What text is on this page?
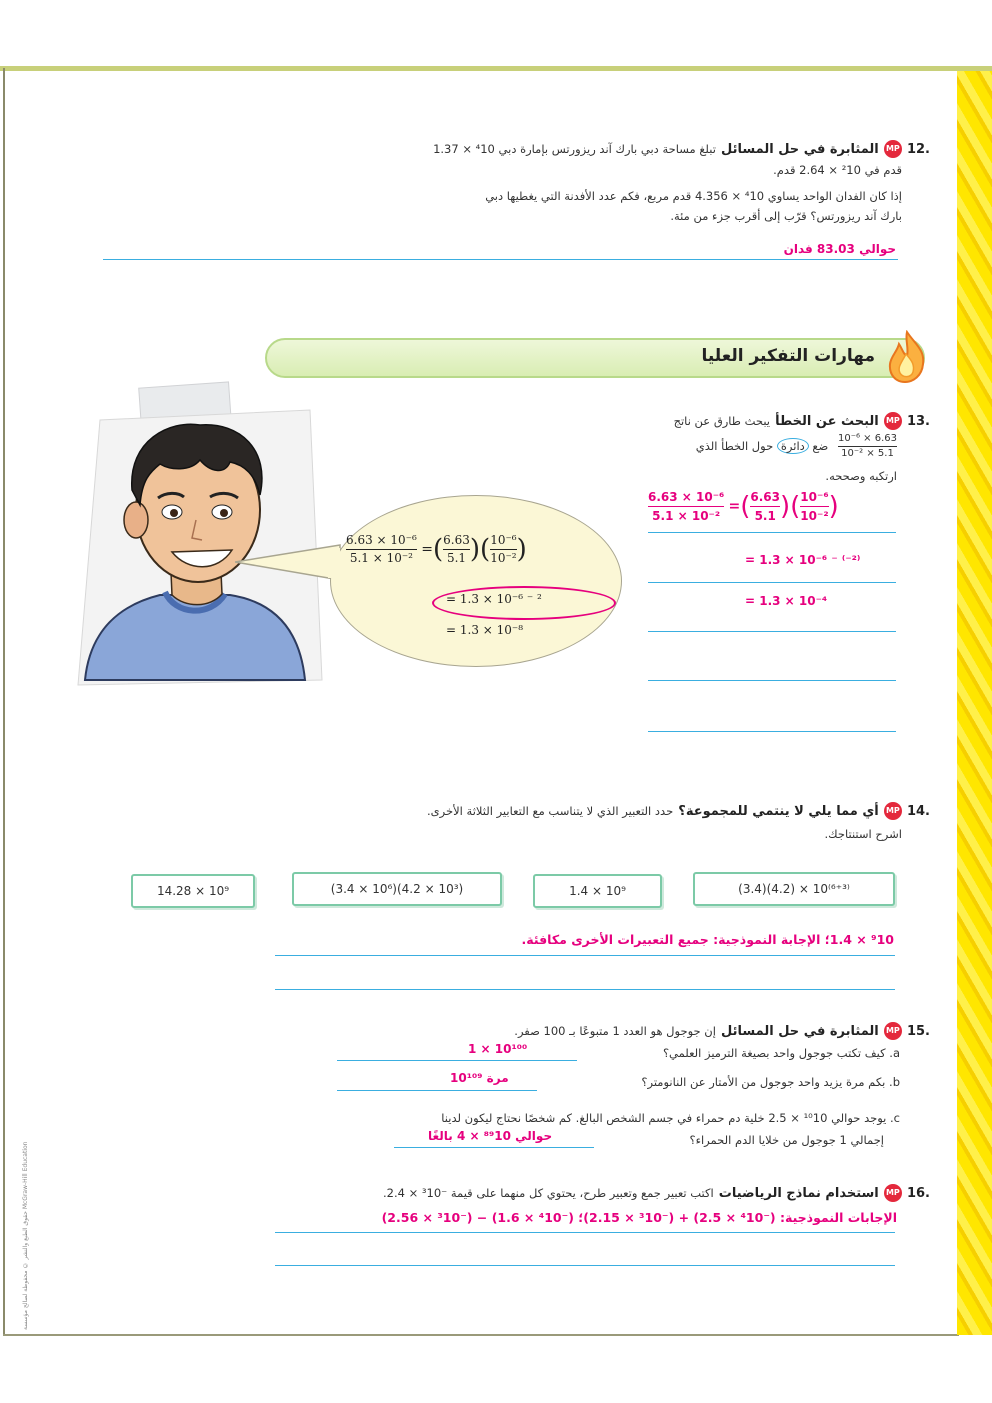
حقوق الطبع والنشر © محفوظة لصالح مؤسسة McGraw-Hill Education
.12 MP المثابرة في حل المسائل تبلغ مساحة دبي بارك آند ريزورتس بإمارة دبي ⁴10 × 1.37
قدم في ²10 × 2.64 قدم.
إذا كان الفدان الواحد يساوي ⁴10 × 4.356 قدم مربع، فكم عدد الأفدنة التي يغطيها دبي
بارك آند ريزورتس؟ قرّب إلى أقرب جزء من مئة.
حوالي 83.03 فدان
مهارات التفكير العليا
.13 MP البحث عن الخطأ يبحث طارق عن ناتج
$\frac{\text{6.63 × 10⁻⁶}}{\text{5.1 × 10⁻²}}$
ضع دائرة حول الخطأ الذي
ارتكبه وصححه.
$\frac{\text{6.63 × 10⁻⁶}}{\text{5.1 × 10⁻²}}$ =( $\frac{6.63}{5.1}$ )( $\frac{\text{10⁻⁶}}{\text{10⁻²}}$ )
= 1.3 × 10⁻⁶ ⁻ ⁽⁻²⁾
= 1.3 × 10⁻⁴
$\frac{\text{6.63 × 10⁻⁶}}{\text{5.1 × 10⁻²}}$ =( $\frac{6.63}{5.1}$ )( $\frac{\text{10⁻⁶}}{\text{10⁻²}}$ )
= 1.3 × 10⁻⁶ ⁻ ²
= 1.3 × 10⁻⁸
.14 MP أي مما يلي لا ينتمي للمجموعة؟ حدد التعبير الذي لا يتناسب مع التعابير الثلاثة الأخرى.
اشرح استنتاجك.
(3.4)(4.2) × 10⁽⁶⁺³⁾
1.4 × 10⁹
(3.4 × 10⁶)(4.2 × 10³)
14.28 × 10⁹
⁹10 × 1.4؛ الإجابة النموذجية: جميع التعبيرات الأخرى مكافئة.
.15 MP المثابرة في حل المسائل إن جوجول هو العدد 1 متبوعًا بـ 100 صفر.
a. كيف تكتب جوجول واحد بصيغة الترميز العلمي؟
1 × 10¹⁰⁰
b. بكم مرة يزيد واحد جوجول من الأمتار عن النانومتر؟
10¹⁰⁹ مرة
c. يوجد حوالي ¹⁰10 × 2.5 خلية دم حمراء في جسم الشخص البالغ. كم شخصًا نحتاج ليكون لدينا
إجمالي 1 جوجول من خلايا الدم الحمراء؟
حوالي ⁸⁹10 × 4 بالغًا
.16 MP استخدام نماذج الرياضيات اكتب تعبير جمع وتعبير طرح، يحتوي كل منهما على قيمة ⁻³10 × 2.4.
الإجابات النموذجية: (⁻⁴10 × 2.5) + (⁻³10 × 2.15)؛ (⁻⁴10 × 1.6) − (⁻³10 × 2.56)
